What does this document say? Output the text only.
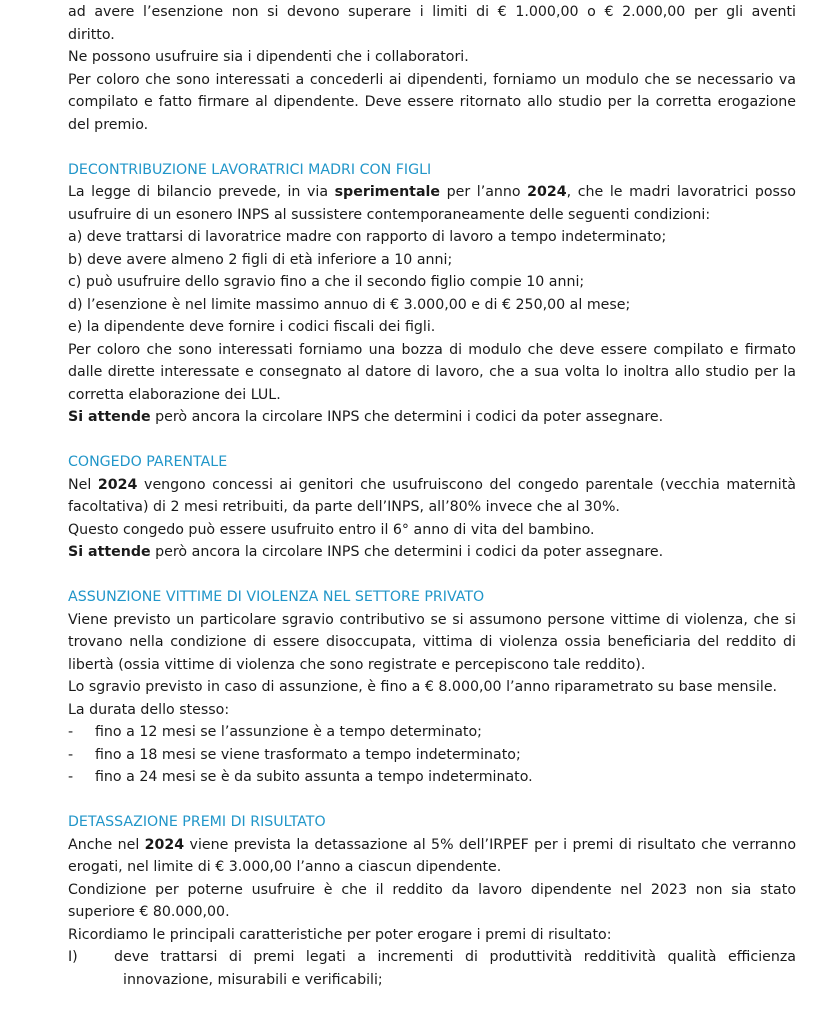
ad avere l’esenzione non si devono superare i limiti di € 1.000,00 o € 2.000,00 per gli aventi

diritto.

Ne possono usufruire sia i dipendenti che i collaboratori.

Per coloro che sono interessati a concederli ai dipendenti, forniamo un modulo che se necessario va compilato e fatto firmare al dipendente. Deve essere ritornato allo studio per la corretta erogazione del premio.

DECONTRIBUZIONE LAVORATRICI MADRI CON FIGLI

La legge di bilancio prevede, in via sperimentale per l’anno 2024, che le madri lavoratrici posso usufruire di un esonero INPS al sussistere contemporaneamente delle seguenti condizioni:

a) deve trattarsi di lavoratrice madre con rapporto di lavoro a tempo indeterminato;

b) deve avere almeno 2 figli di età inferiore a 10 anni;

c) può usufruire dello sgravio fino a che il secondo figlio compie 10 anni;

d) l’esenzione è nel limite massimo annuo di € 3.000,00 e di € 250,00 al mese;

e) la dipendente deve fornire i codici fiscali dei figli.

Per coloro che sono interessati forniamo una bozza di modulo che deve essere compilato e firmato dalle dirette interessate e consegnato al datore di lavoro, che a sua volta lo inoltra allo studio per la corretta elaborazione dei LUL.

Si attende però ancora la circolare INPS che determini i codici da poter assegnare.

CONGEDO PARENTALE

Nel 2024 vengono concessi ai genitori che usufruiscono del congedo parentale (vecchia maternità facoltativa) di 2 mesi retribuiti, da parte dell’INPS, all’80% invece che al 30%.

Questo congedo può essere usufruito entro il 6° anno di vita del bambino.

Si attende però ancora la circolare INPS che determini i codici da poter assegnare.

ASSUNZIONE VITTIME DI VIOLENZA NEL SETTORE PRIVATO

Viene previsto un particolare sgravio contributivo se si assumono persone vittime di violenza, che si trovano nella condizione di essere disoccupata, vittima di violenza ossia beneficiaria del reddito di libertà (ossia vittime di violenza che sono registrate e percepiscono tale reddito).

Lo sgravio previsto in caso di assunzione, è fino a € 8.000,00 l’anno riparametrato su base mensile.

La durata dello stesso:

- fino a 12 mesi se l’assunzione è a tempo determinato;

- fino a 18 mesi se viene trasformato a tempo indeterminato;

- fino a 24 mesi se è da subito assunta a tempo indeterminato.

DETASSAZIONE PREMI DI RISULTATO

Anche nel 2024 viene prevista la detassazione al 5% dell’IRPEF per i premi di risultato che verranno erogati, nel limite di € 3.000,00 l’anno a ciascun dipendente.

Condizione per poterne usufruire è che il reddito da lavoro dipendente nel 2023 non sia stato superiore € 80.000,00.

Ricordiamo le principali caratteristiche per poter erogare i premi di risultato:

I)	deve trattarsi di premi legati a incrementi di produttività redditività qualità efficienza
innovazione, misurabili e verificabili;
